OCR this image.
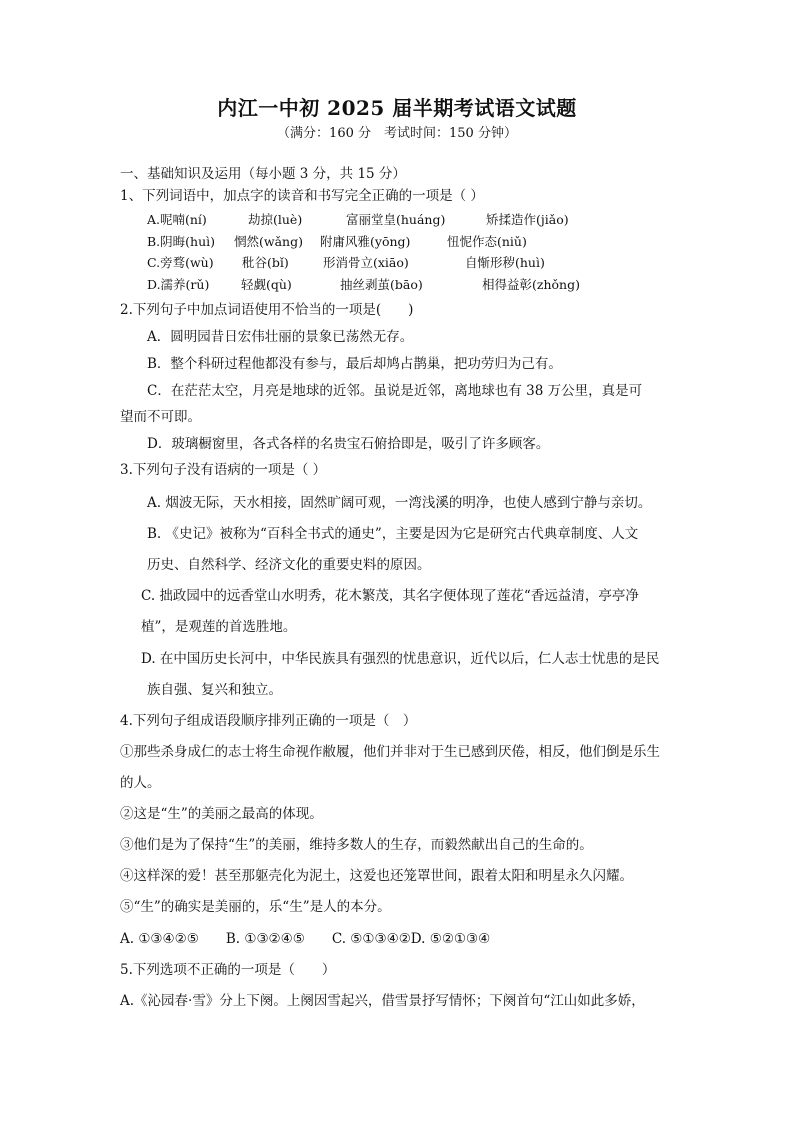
内江一中初 2025 届半期考试语文试题
（满分：160 分　考试时间：150 分钟）
一、基础知识及运用（每小题 3 分，共 15 分）
1、下列词语中，加点字的读音和书写完全正确的一项是（ ）
A.呢喃(ní)	劫掠(luè)	富丽堂皇(huáng)	矫揉造作(jiǎo)
B.阴晦(huì) 惘然(wǎng) 附庸风雅(yōng)	忸怩作态(niǔ)
C.旁骛(wù) 秕谷(bǐ)	形消骨立(xiāo)	自惭形秽(huì)
D.濡养(rǔ)	轻觑(qù)	抽丝剥茧(bāo)	相得益彰(zhǒng)
2.下列句子中加点词语使用不恰当的一项是(　　)
A．圆明园昔日宏伟壮丽的景象已荡然无存。
B．整个科研过程他都没有参与，最后却鸠占鹊巢，把功劳归为己有。
C．在茫茫太空，月亮是地球的近邻。虽说是近邻，离地球也有 38 万公里，真是可
望而不可即。
D．玻璃橱窗里，各式各样的名贵宝石俯拾即是，吸引了许多顾客。
3.下列句子没有语病的一项是（ ）
A. 烟波无际，天水相接，固然旷阔可观，一湾浅溪的明净，也使人感到宁静与亲切。
B. 《史记》被称为“百科全书式的通史”，主要是因为它是研究古代典章制度、人文
历史、自然科学、经济文化的重要史料的原因。
C. 拙政园中的远香堂山水明秀，花木繁茂，其名字便体现了莲花“香远益清，亭亭净
植”，是观莲的首选胜地。
D. 在中国历史长河中，中华民族具有强烈的忧患意识，近代以后，仁人志士忧患的是民
族自强、复兴和独立。
4.下列句子组成语段顺序排列正确的一项是（　）
①那些杀身成仁的志士将生命视作敝履，他们并非对于生已感到厌倦，相反，他们倒是乐生
的人。
②这是“生”的美丽之最高的体现。
③他们是为了保持“生”的美丽，维持多数人的生存，而毅然献出自己的生命的。
④这样深的爱！甚至那躯壳化为泥土，这爱也还笼罩世间，跟着太阳和明星永久闪耀。
⑤“生”的确实是美丽的，乐“生”是人的本分。
A. ①③④②⑤　　B. ①③②④⑤　　C. ⑤①③④②D. ⑤②①③④
5.下列选项不正确的一项是（　　）
A.《沁园春·雪》分上下阕。上阕因雪起兴，借雪景抒写情怀；下阕首句“江山如此多娇，
